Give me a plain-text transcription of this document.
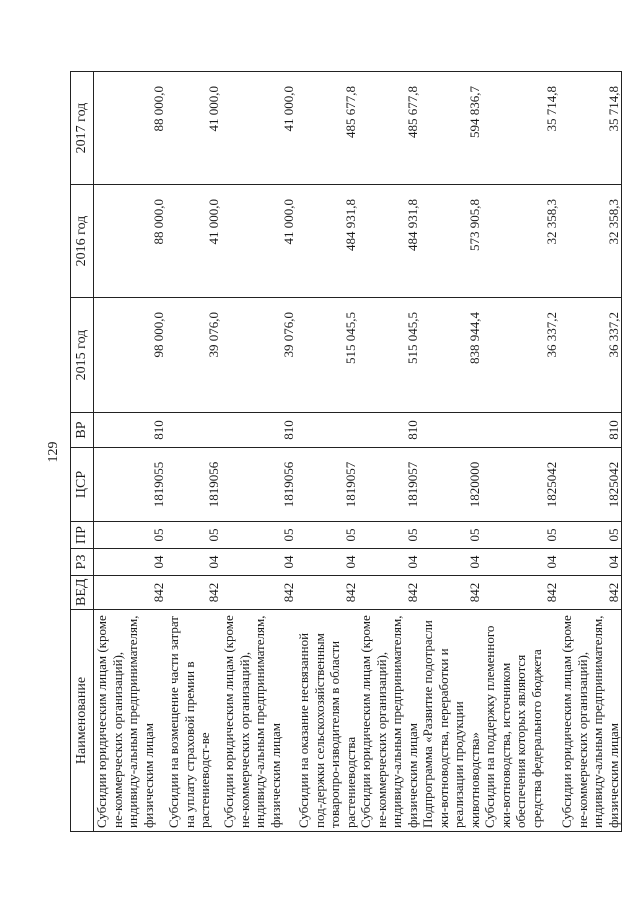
129
Наименование	ВЕД	РЗ	ПР	ЦСР	ВР	2015 год	2016 год	2017 год
Субсидии юридическим лицам (кроме не-коммерческих организаций), индивиду-альным предпринимателям, физическим лицам	842	04	05	1819055	810	98 000,0	88 000,0	88 000,0
Субсидии на возмещение части затрат на уплату страховой премии в растениеводст-ве	842	04	05	1819056		39 076,0	41 000,0	41 000,0
Субсидии юридическим лицам (кроме не-коммерческих организаций), индивиду-альным предпринимателям, физическим лицам	842	04	05	1819056	810	39 076,0	41 000,0	41 000,0
Субсидии на оказание несвязанной под-держки сельскохозяйственным товаропро-изводителям в области растениеводства	842	04	05	1819057		515 045,5	484 931,8	485 677,8
Субсидии юридическим лицам (кроме не-коммерческих организаций), индивиду-альным предпринимателям, физическим лицам	842	04	05	1819057	810	515 045,5	484 931,8	485 677,8
Подпрограмма «Развитие подотрасли жи-вотноводства, переработки и реализации продукции животноводства»	842	04	05	1820000		838 944,4	573 905,8	594 836,7
Субсидии на поддержку племенного жи-вотноводства, источником обеспечения которых являются средства федерального бюджета	842	04	05	1825042		36 337,2	32 358,3	35 714,8
Субсидии юридическим лицам (кроме не-коммерческих организаций), индивиду-альным предпринимателям, физическим лицам	842	04	05	1825042	810	36 337,2	32 358,3	35 714,8
